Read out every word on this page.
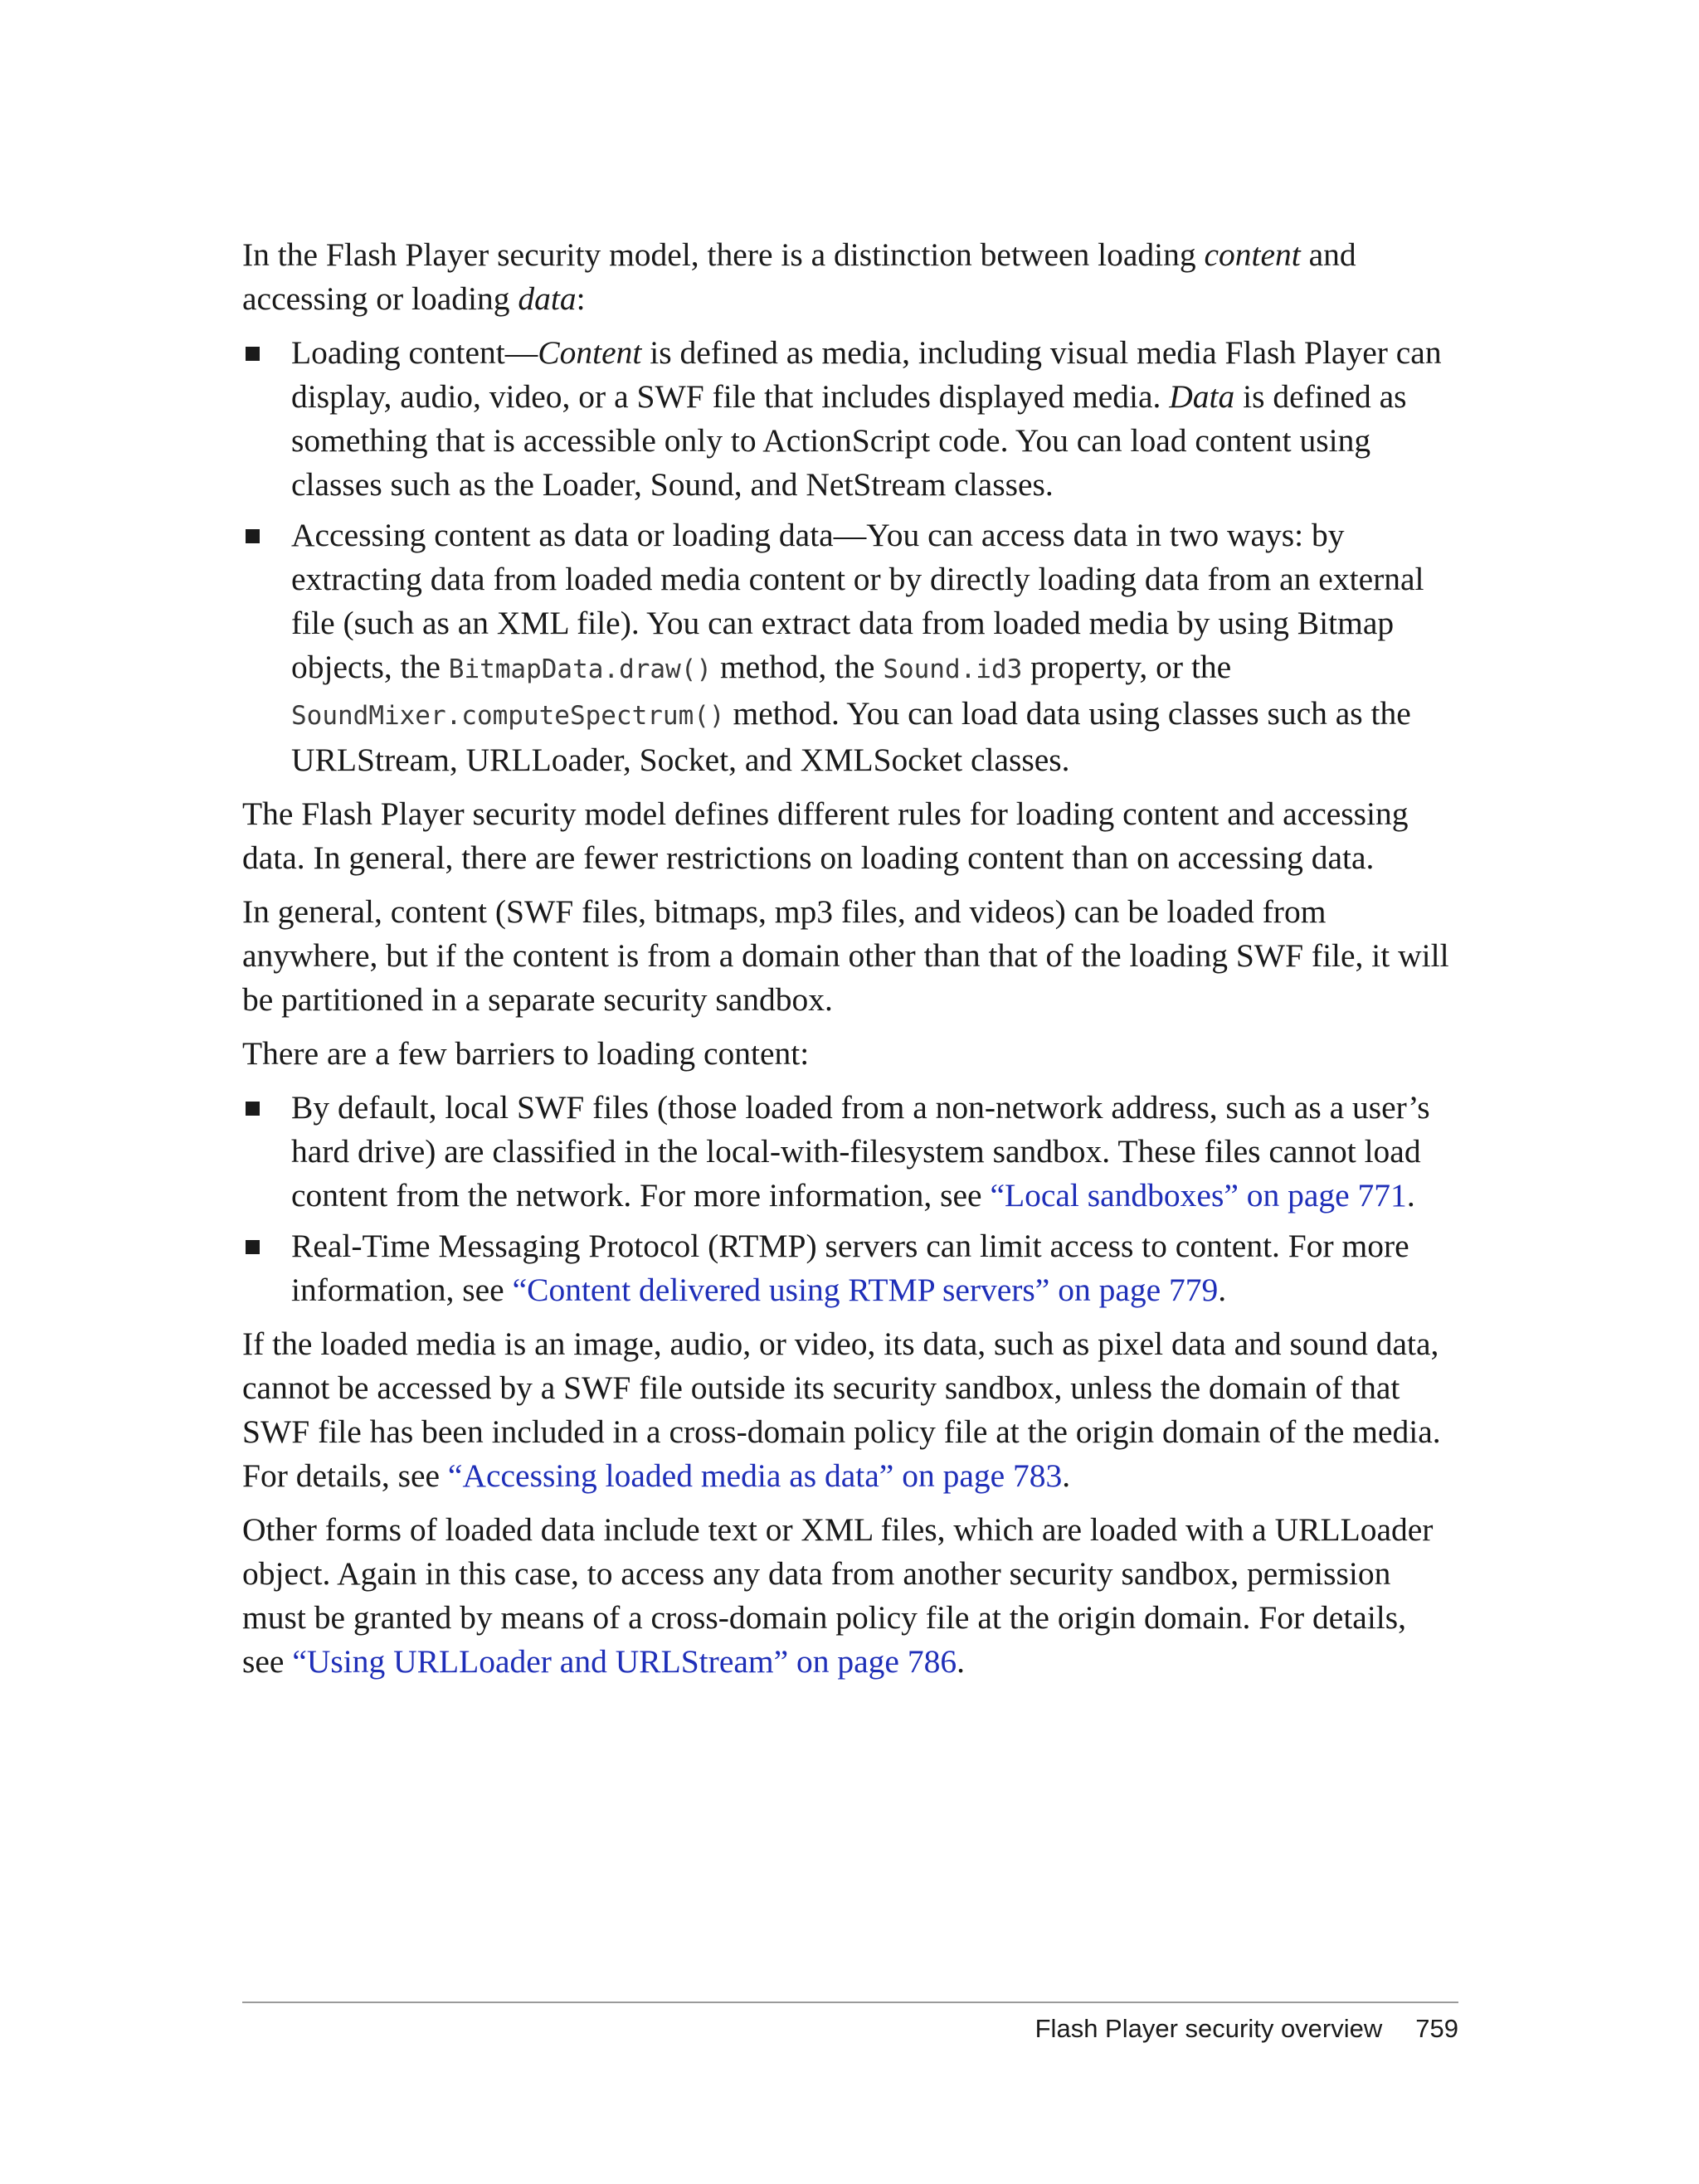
In the Flash Player security model, there is a distinction between loading content and accessing or loading data:

Loading content—Content is defined as media, including visual media Flash Player can display, audio, video, or a SWF file that includes displayed media. Data is defined as something that is accessible only to ActionScript code. You can load content using classes such as the Loader, Sound, and NetStream classes.
Accessing content as data or loading data—You can access data in two ways: by extracting data from loaded media content or by directly loading data from an external file (such as an XML file). You can extract data from loaded media by using Bitmap objects, the BitmapData.draw() method, the Sound.id3 property, or the
SoundMixer.computeSpectrum() method. You can load data using classes such as the URLStream, URLLoader, Socket, and XMLSocket classes.

The Flash Player security model defines different rules for loading content and accessing data. In general, there are fewer restrictions on loading content than on accessing data.

In general, content (SWF files, bitmaps, mp3 files, and videos) can be loaded from anywhere, but if the content is from a domain other than that of the loading SWF file, it will be partitioned in a separate security sandbox.

There are a few barriers to loading content:

By default, local SWF files (those loaded from a non-network address, such as a user’s hard drive) are classified in the local-with-filesystem sandbox. These files cannot load content from the network. For more information, see “Local sandboxes” on page 771.
Real-Time Messaging Protocol (RTMP) servers can limit access to content. For more information, see “Content delivered using RTMP servers” on page 779.

If the loaded media is an image, audio, or video, its data, such as pixel data and sound data, cannot be accessed by a SWF file outside its security sandbox, unless the domain of that SWF file has been included in a cross-domain policy file at the origin domain of the media. For details, see “Accessing loaded media as data” on page 783.

Other forms of loaded data include text or XML files, which are loaded with a URLLoader object. Again in this case, to access any data from another security sandbox, permission must be granted by means of a cross-domain policy file at the origin domain. For details, see “Using URLLoader and URLStream” on page 786.

Flash Player security overview 759
